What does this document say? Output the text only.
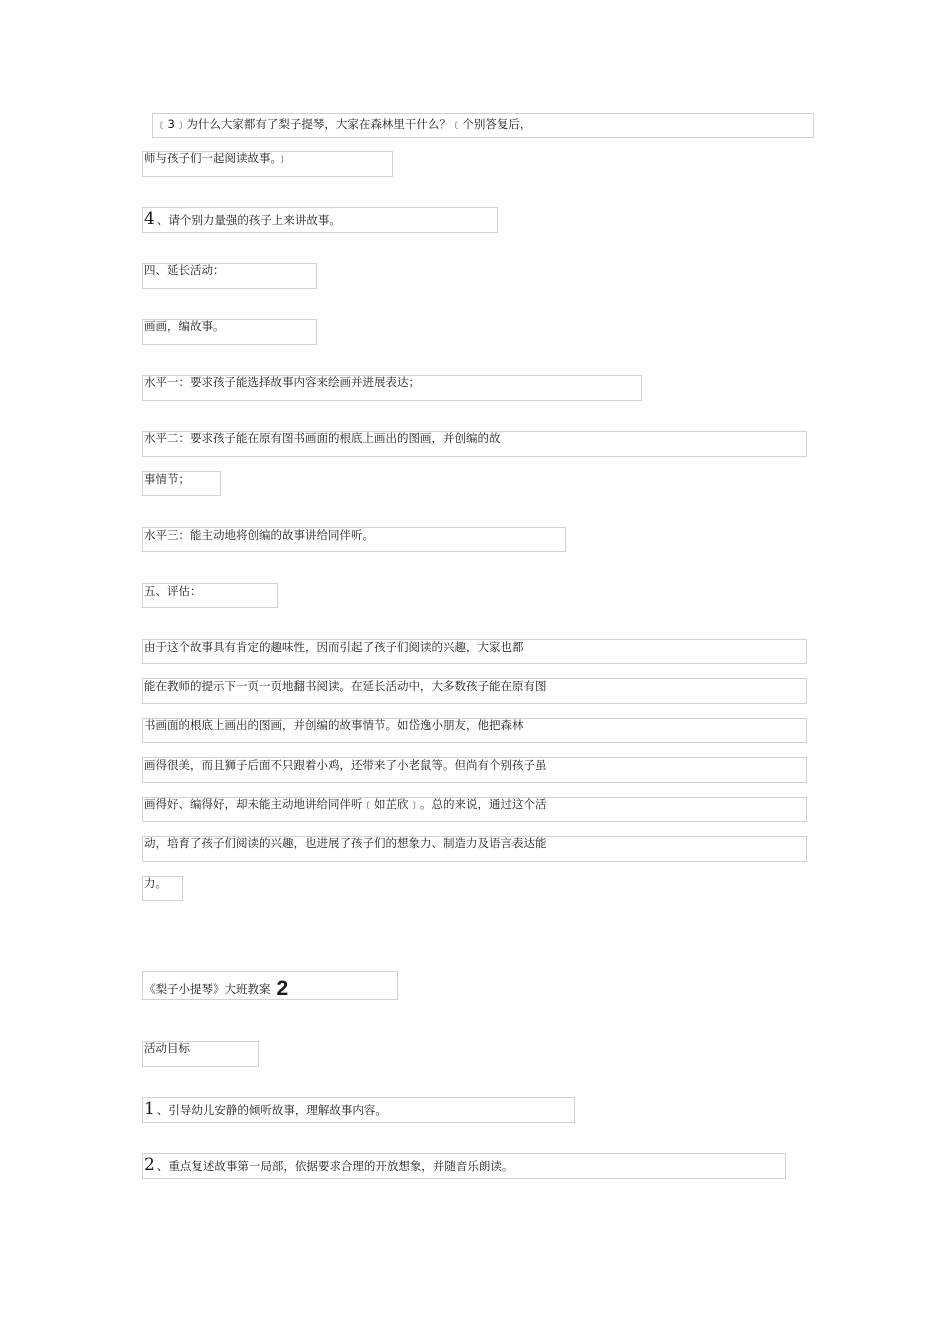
﹝3﹞为什么大家都有了梨子提琴，大家在森林里干什么？﹝个别答复后，
师与孩子们一起阅读故事。﹞
4 、请个别力量强的孩子上来讲故事。
四、延长活动：
画画，编故事。
水平一：要求孩子能选择故事内容来绘画并进展表达；
水平二：要求孩子能在原有图书画面的根底上画出的图画，并创编的故
事情节；
水平三：能主动地将创编的故事讲给同伴听。
五、评估：
由于这个故事具有肯定的趣味性，因而引起了孩子们阅读的兴趣，大家也都
能在教师的提示下一页一页地翻书阅读。在延长活动中，大多数孩子能在原有图
书画面的根底上画出的图画，并创编的故事情节。如岱逸小朋友，他把森林
画得很美，而且狮子后面不只跟着小鸡，还带来了小老鼠等。但尚有个别孩子虽
画得好、编得好，却未能主动地讲给同伴听﹝如芷欣﹞。总的来说，通过这个活
动，培育了孩子们阅读的兴趣，也进展了孩子们的想象力、制造力及语言表达能
力。
《梨子小提琴》大班教案 2
活动目标
1 、引导幼儿安静的倾听故事，理解故事内容。
2 、重点复述故事第一局部，依据要求合理的开放想象，并随音乐朗读。
